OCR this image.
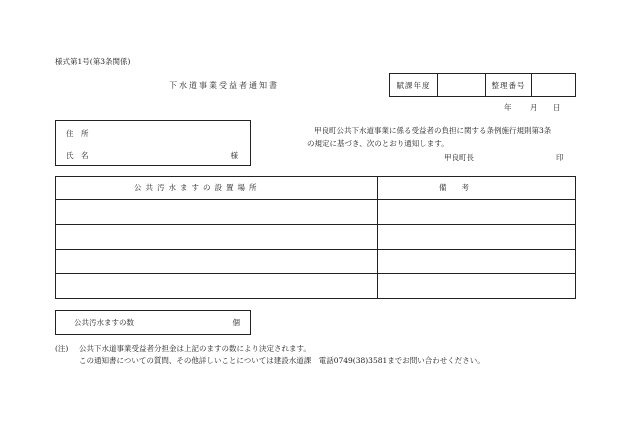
様式第1号(第3条関係)
下水道事業受益者通知書	賦課年度	整理番号
年 月 日
住　所
氏　名	様
甲良町公共下水道事業に係る受益者の負担に関する条例施行規則第3条
の規定に基づき、次のとおり通知します。
甲良町長	印
公共汚水ますの設置場所	備　　考
公共汚水ますの数	個
(注) 公共下水道事業受益者分担金は上記のますの数により決定されます。
この通知書についての質問、その他詳しいことについては建設水道課　電話0749(38)3581までお問い合わせください。
